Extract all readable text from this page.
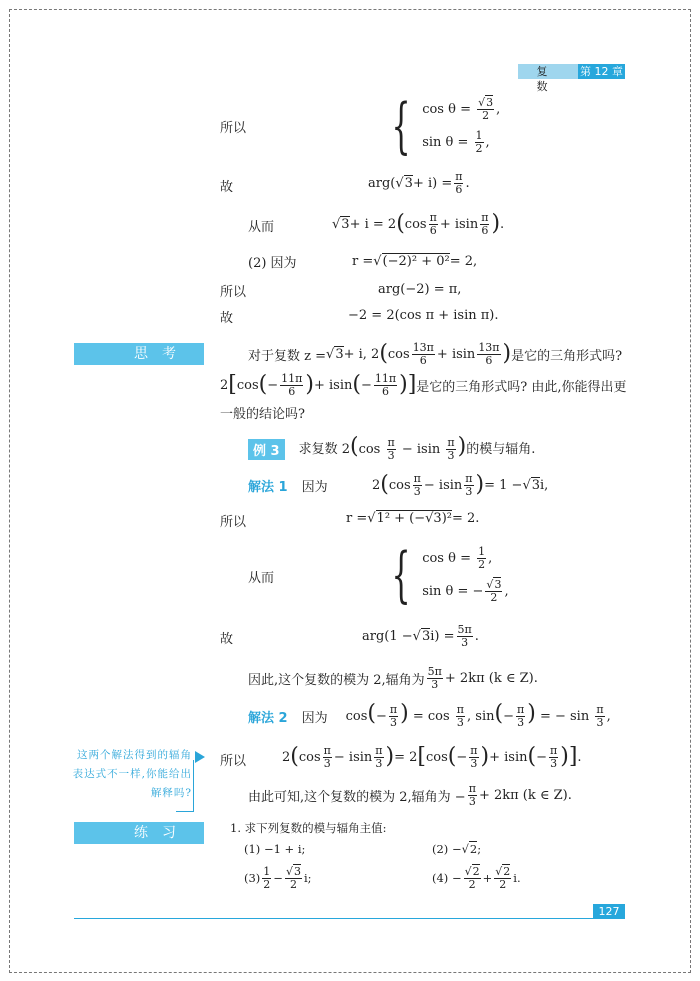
复 数
第 12 章
所以 { cos θ = √ $\frac{3}{2}$ ,
$\sin \theta = \frac{1}{2}$ ,
故	arg( √ $3 + i) = \frac{\pi}{6}$ .
从而	√ 3 + i = 2 ( cos π
6 + isin π
6 ) .
(2) 因为	r = √ (−2)² + 0² = 2,
所以	arg(−2) = π,
故	−2 = 2(cos π + isin π).
思考	对于复数 z = √ 3 + i, 2 ( cos 13π
6 + isin 13π
6 ) 是它的三角形式吗?
2 [ cos ( − $\frac{11\pi}{6}$ ) + isin ( − $\frac{11\pi}{6}$ ) ] 是它的三角形式吗? 由此,你能得出更
一般的结论吗?
例 3	求复数 $2(\cos \frac{\pi}{3} - isin \frac{\pi}{3}$ )的模与辐角.
解法 1 因为	2 ( cos π
3 − isin π
3 ) = 1 − √ 3 i,
所以	r = √ 1² + (−√3)² = 2.
从而 { $\cos \theta = \frac{1}{2}$ ,
sin θ = − √ $\frac{3}{2}$ ,
故	arg(1 − √ 3 $i) = \frac{5\pi}{3}$ .
因此,这个复数的模为 2,辐角为
5π
3 + 2kπ (k ∈ Z).
解法 2 因为 $\cos(- \frac{\pi}{3}$ ) = $\cos \frac{\pi}{3}$ , $\sin(- \frac{\pi}{3}$ ) = − $\sin \frac{\pi}{3}$ ,
这两个解法得到的辐角表达式不一样,你能给出解释吗?
所以	2 ( cos π
3 − isin π
3 ) = 2 [ cos ( − $\frac{\pi}{3}$ ) + isin ( − $\frac{\pi}{3}$ ) ] .
由此可知,这个复数的模为 2,辐角为 − $\frac{\pi}{3} + 2k\pi$ (k ∈ Z).
练习	1. 求下列复数的模与辐角主值:
(1) −1 + i;	(2) − √ 2 ;
(3) 1
2 − √ $\frac{3}{2} i$;	(4) − √ $\frac{2}{2}$ + √ $\frac{2}{2} i$.
127
